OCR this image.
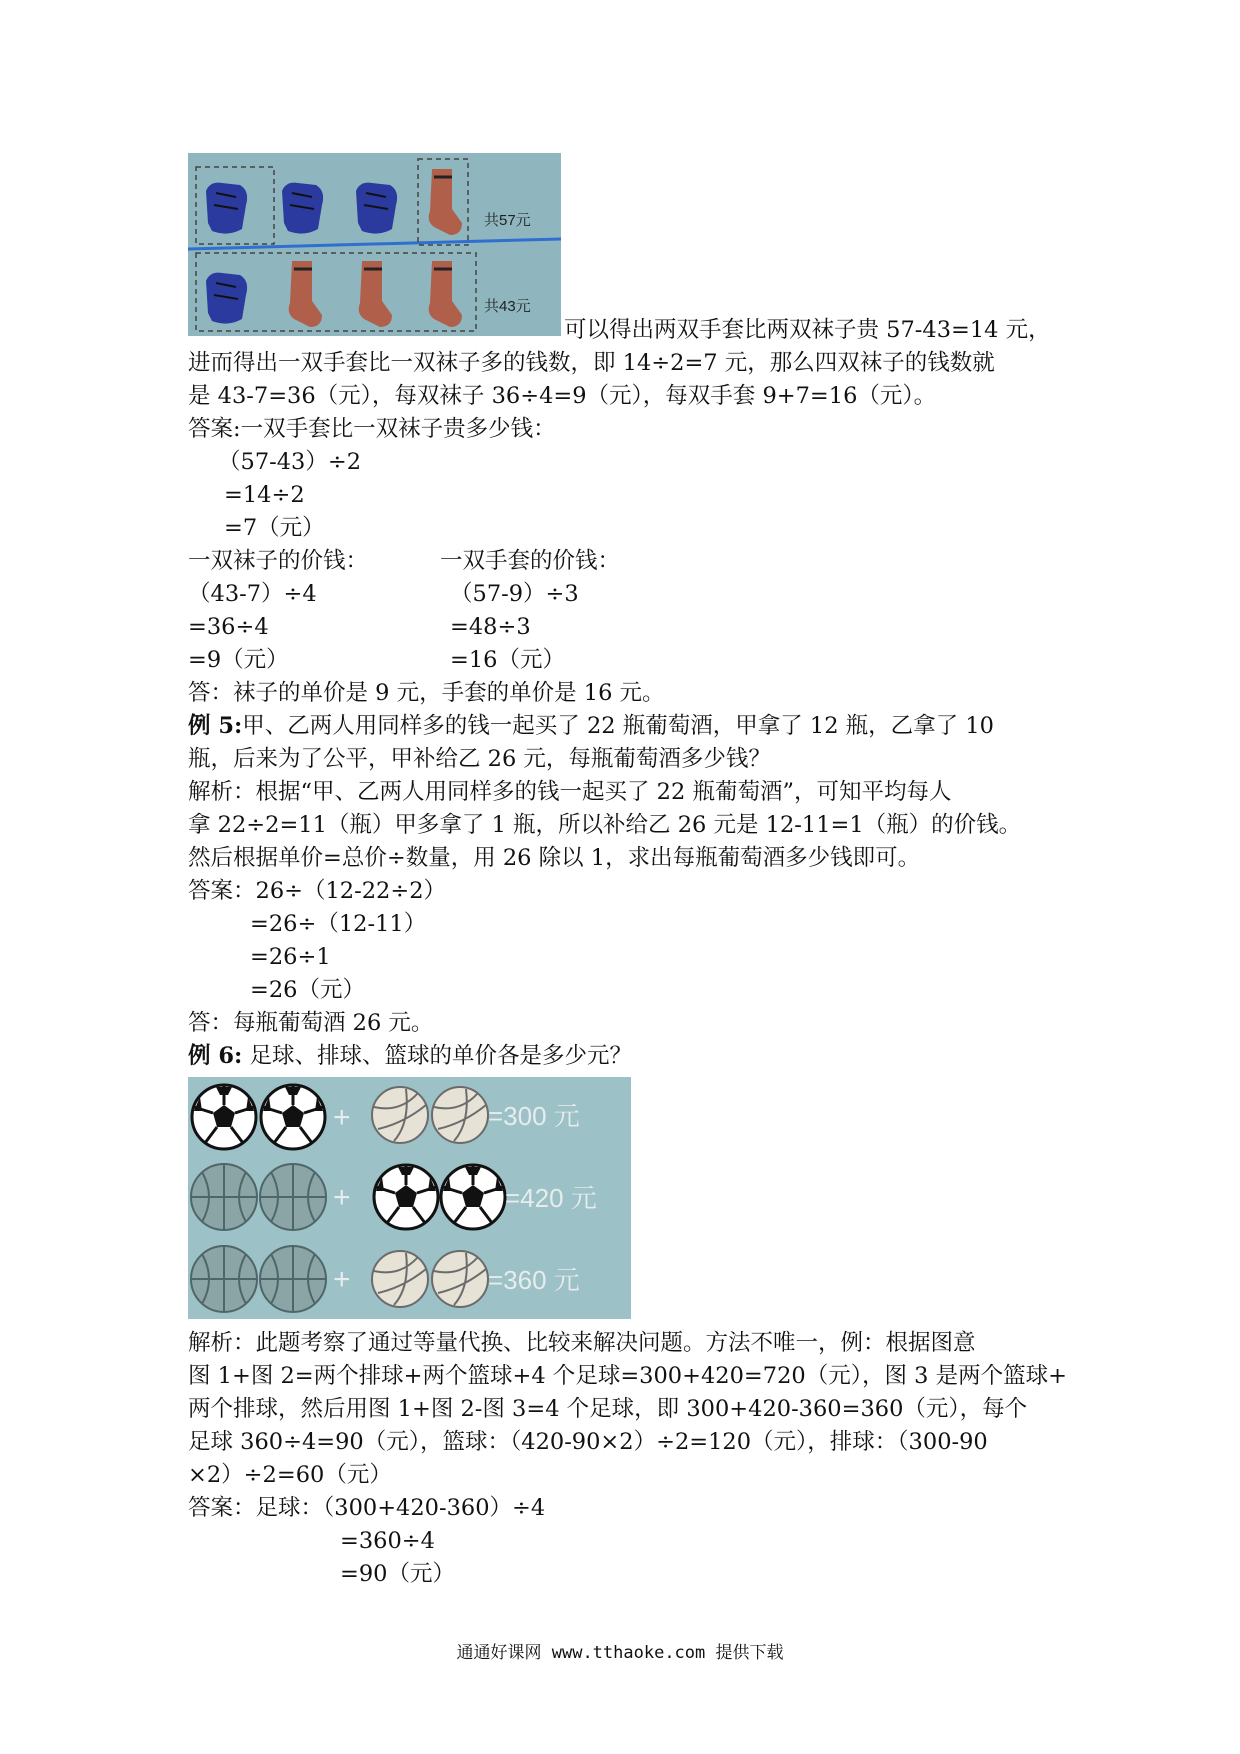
共57元
共43元
可以得出两双手套比两双袜子贵 57-43=14 元，
进而得出一双手套比一双袜子多的钱数，即 14÷2=7 元，那么四双袜子的钱数就
是 43-7=36（元），每双袜子 36÷4=9（元），每双手套 9+7=16（元）。
答案:一双手套比一双袜子贵多少钱：
（57-43）÷2
=14÷2
=7（元）
一双袜子的价钱：	一双手套的价钱：
（43-7）÷4	（57-9）÷3
=36÷4	=48÷3
=9（元）	=16（元）
答：袜子的单价是 9 元，手套的单价是 16 元。
例 5:甲、乙两人用同样多的钱一起买了 22 瓶葡萄酒，甲拿了 12 瓶，乙拿了 10
瓶，后来为了公平，甲补给乙 26 元，每瓶葡萄酒多少钱？
解析：根据“甲、乙两人用同样多的钱一起买了 22 瓶葡萄酒”，可知平均每人
拿 22÷2=11（瓶）甲多拿了 1 瓶，所以补给乙 26 元是 12-11=1（瓶）的价钱。
然后根据单价=总价÷数量，用 26 除以 1，求出每瓶葡萄酒多少钱即可。
答案：26÷（12-22÷2）
=26÷（12-11）
=26÷1
=26（元）
答：每瓶葡萄酒 26 元。
例 6: 足球、排球、篮球的单价各是多少元？
+	=300 元
+	=420 元
+	=360 元
解析：此题考察了通过等量代换、比较来解决问题。方法不唯一，例：根据图意
图 1+图 2=两个排球+两个篮球+4 个足球=300+420=720（元），图 3 是两个篮球+
两个排球，然后用图 1+图 2-图 3=4 个足球，即 300+420-360=360（元），每个
足球 360÷4=90（元），篮球：（420-90×2）÷2=120（元），排球：（300-90
×2）÷2=60（元）
答案：足球：（300+420-360）÷4
=360÷4
=90（元）
通通好课网 www.tthaoke.com 提供下载
